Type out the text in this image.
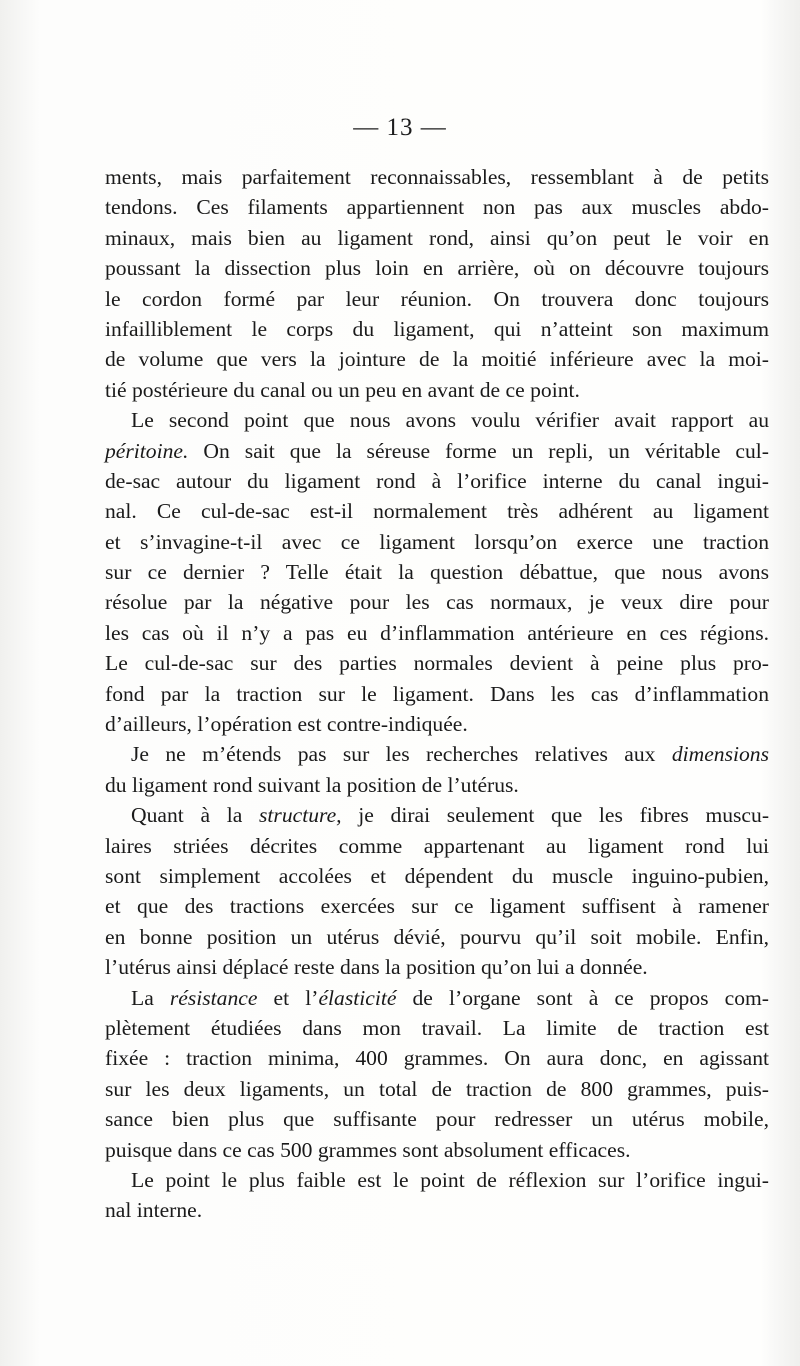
— 13 —
ments, mais parfaitement reconnaissables, ressemblant à de petits
tendons. Ces filaments appartiennent non pas aux muscles abdo-
minaux, mais bien au ligament rond, ainsi qu’on peut le voir en
poussant la dissection plus loin en arrière, où on découvre toujours
le cordon formé par leur réunion. On trouvera donc toujours
infailliblement le corps du ligament, qui n’atteint son maximum
de volume que vers la jointure de la moitié inférieure avec la moi-
tié postérieure du canal ou un peu en avant de ce point.
Le second point que nous avons voulu vérifier avait rapport au
péritoine. On sait que la séreuse forme un repli, un véritable cul-
de-sac autour du ligament rond à l’orifice interne du canal ingui-
nal. Ce cul-de-sac est-il normalement très adhérent au ligament
et s’invagine-t-il avec ce ligament lorsqu’on exerce une traction
sur ce dernier ? Telle était la question débattue, que nous avons
résolue par la négative pour les cas normaux, je veux dire pour
les cas où il n’y a pas eu d’inflammation antérieure en ces régions.
Le cul-de-sac sur des parties normales devient à peine plus pro-
fond par la traction sur le ligament. Dans les cas d’inflammation
d’ailleurs, l’opération est contre-indiquée.
Je ne m’étends pas sur les recherches relatives aux dimensions
du ligament rond suivant la position de l’utérus.
Quant à la structure, je dirai seulement que les fibres muscu-
laires striées décrites comme appartenant au ligament rond lui
sont simplement accolées et dépendent du muscle inguino-pubien,
et que des tractions exercées sur ce ligament suffisent à ramener
en bonne position un utérus dévié, pourvu qu’il soit mobile. Enfin,
l’utérus ainsi déplacé reste dans la position qu’on lui a donnée.
La résistance et l’élasticité de l’organe sont à ce propos com-
plètement étudiées dans mon travail. La limite de traction est
fixée : traction minima, 400 grammes. On aura donc, en agissant
sur les deux ligaments, un total de traction de 800 grammes, puis-
sance bien plus que suffisante pour redresser un utérus mobile,
puisque dans ce cas 500 grammes sont absolument efficaces.
Le point le plus faible est le point de réflexion sur l’orifice ingui-
nal interne.
